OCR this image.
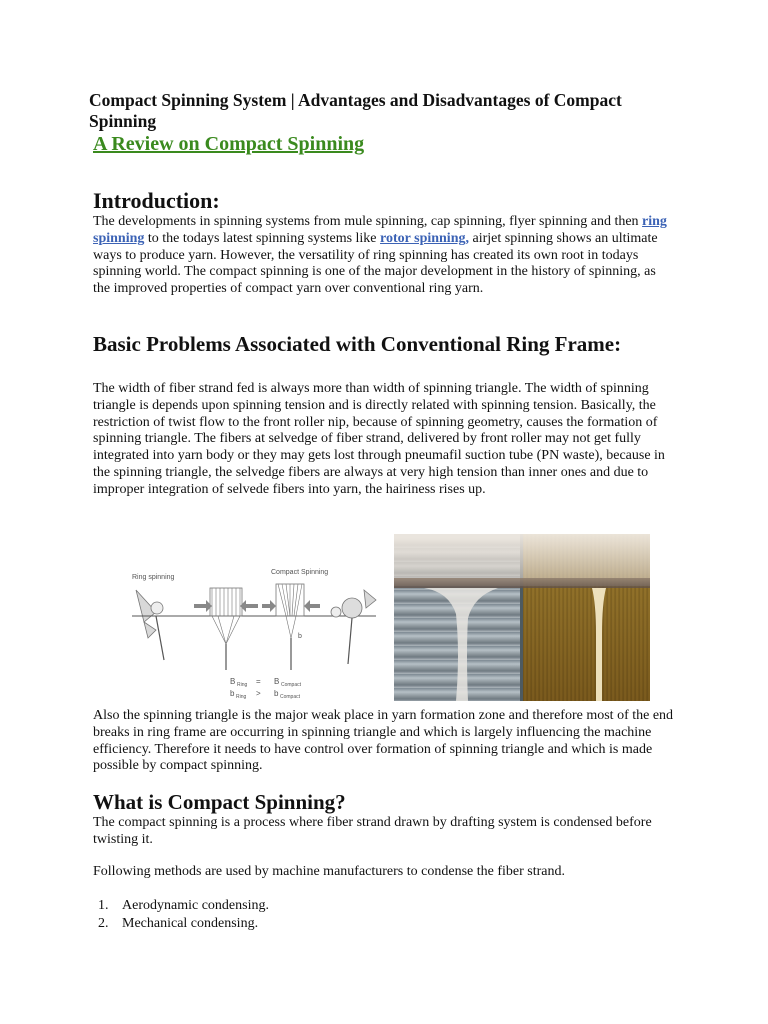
Compact Spinning System | Advantages and Disadvantages of Compact Spinning
A Review on Compact Spinning
Introduction:
The developments in spinning systems from mule spinning, cap spinning, flyer spinning and then ring spinning to the todays latest spinning systems like rotor spinning, airjet spinning shows an ultimate ways to produce yarn. However, the versatility of ring spinning has created its own root in todays spinning world. The compact spinning is one of the major development in the history of spinning, as the improved properties of compact yarn over conventional ring yarn.
Basic Problems Associated with Conventional Ring Frame:
The width of fiber strand fed is always more than width of spinning triangle. The width of spinning triangle is depends upon spinning tension and is directly related with spinning tension. Basically, the restriction of twist flow to the front roller nip, because of spinning geometry, causes the formation of spinning triangle. The fibers at selvedge of fiber strand, delivered by front roller may not get fully integrated into yarn body or they may gets lost through pneumafil suction tube (PN waste), because in the spinning triangle, the selvedge fibers are always at very high tension than inner ones and due to improper integration of selvede fibers into yarn, the hairiness rises up.
Ring spinning
Compact Spinning
b
B Ring = B Compact
b Ring > b Compact
Also the spinning triangle is the major weak place in yarn formation zone and therefore most of the end breaks in ring frame are occurring in spinning triangle and which is largely influencing the machine efficiency. Therefore it needs to have control over formation of spinning triangle and which is made possible by compact spinning.
What is Compact Spinning?
The compact spinning is a process where fiber strand drawn by drafting system is condensed before twisting it.
Following methods are used by machine manufacturers to condense the fiber strand.
1. Aerodynamic condensing.
2. Mechanical condensing.
